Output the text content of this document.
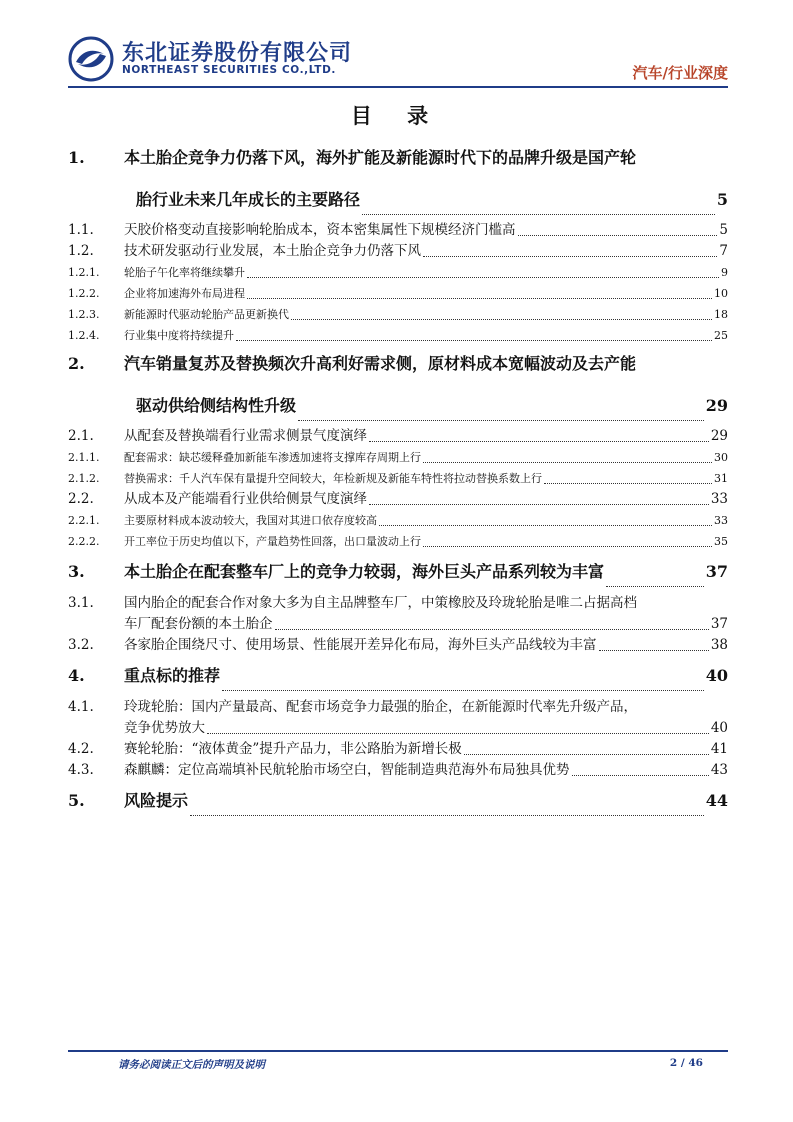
东北证券股份有限公司
NORTHEAST SECURITIES CO.,LTD.	汽车/行业深度
目 录
1.	本土胎企竞争力仍落下风，海外扩能及新能源时代下的品牌升级是国产轮
胎行业未来几年成长的主要路径	5
1.1.	天胶价格变动直接影响轮胎成本，资本密集属性下规模经济门槛高	5
1.2.	技术研发驱动行业发展，本土胎企竞争力仍落下风	7
1.2.1.	轮胎子午化率将继续攀升	9
1.2.2.	企业将加速海外布局进程	10
1.2.3.	新能源时代驱动轮胎产品更新换代	18
1.2.4.	行业集中度将持续提升	25
2.	汽车销量复苏及替换频次升高利好需求侧，原材料成本宽幅波动及去产能
驱动供给侧结构性升级	29
2.1.	从配套及替换端看行业需求侧景气度演绎	29
2.1.1.	配套需求：缺芯缓释叠加新能车渗透加速将支撑库存周期上行	30
2.1.2.	替换需求：千人汽车保有量提升空间较大，年检新规及新能车特性将拉动替换系数上行	31
2.2.	从成本及产能端看行业供给侧景气度演绎	33
2.2.1.	主要原材料成本波动较大，我国对其进口依存度较高	33
2.2.2.	开工率位于历史均值以下，产量趋势性回落，出口量波动上行	35
3.	本土胎企在配套整车厂上的竞争力较弱，海外巨头产品系列较为丰富	37
3.1.	国内胎企的配套合作对象大多为自主品牌整车厂，中策橡胶及玲珑轮胎是唯二占据高档
车厂配套份额的本土胎企	37
3.2.	各家胎企围绕尺寸、使用场景、性能展开差异化布局，海外巨头产品线较为丰富	38
4.	重点标的推荐	40
4.1.	玲珑轮胎：国内产量最高、配套市场竞争力最强的胎企，在新能源时代率先升级产品，
竞争优势放大	40
4.2.	赛轮轮胎：“液体黄金”提升产品力，非公路胎为新增长极	41
4.3.	森麒麟：定位高端填补民航轮胎市场空白，智能制造典范海外布局独具优势	43
5.	风险提示	44
请务必阅读正文后的声明及说明	2 / 46
